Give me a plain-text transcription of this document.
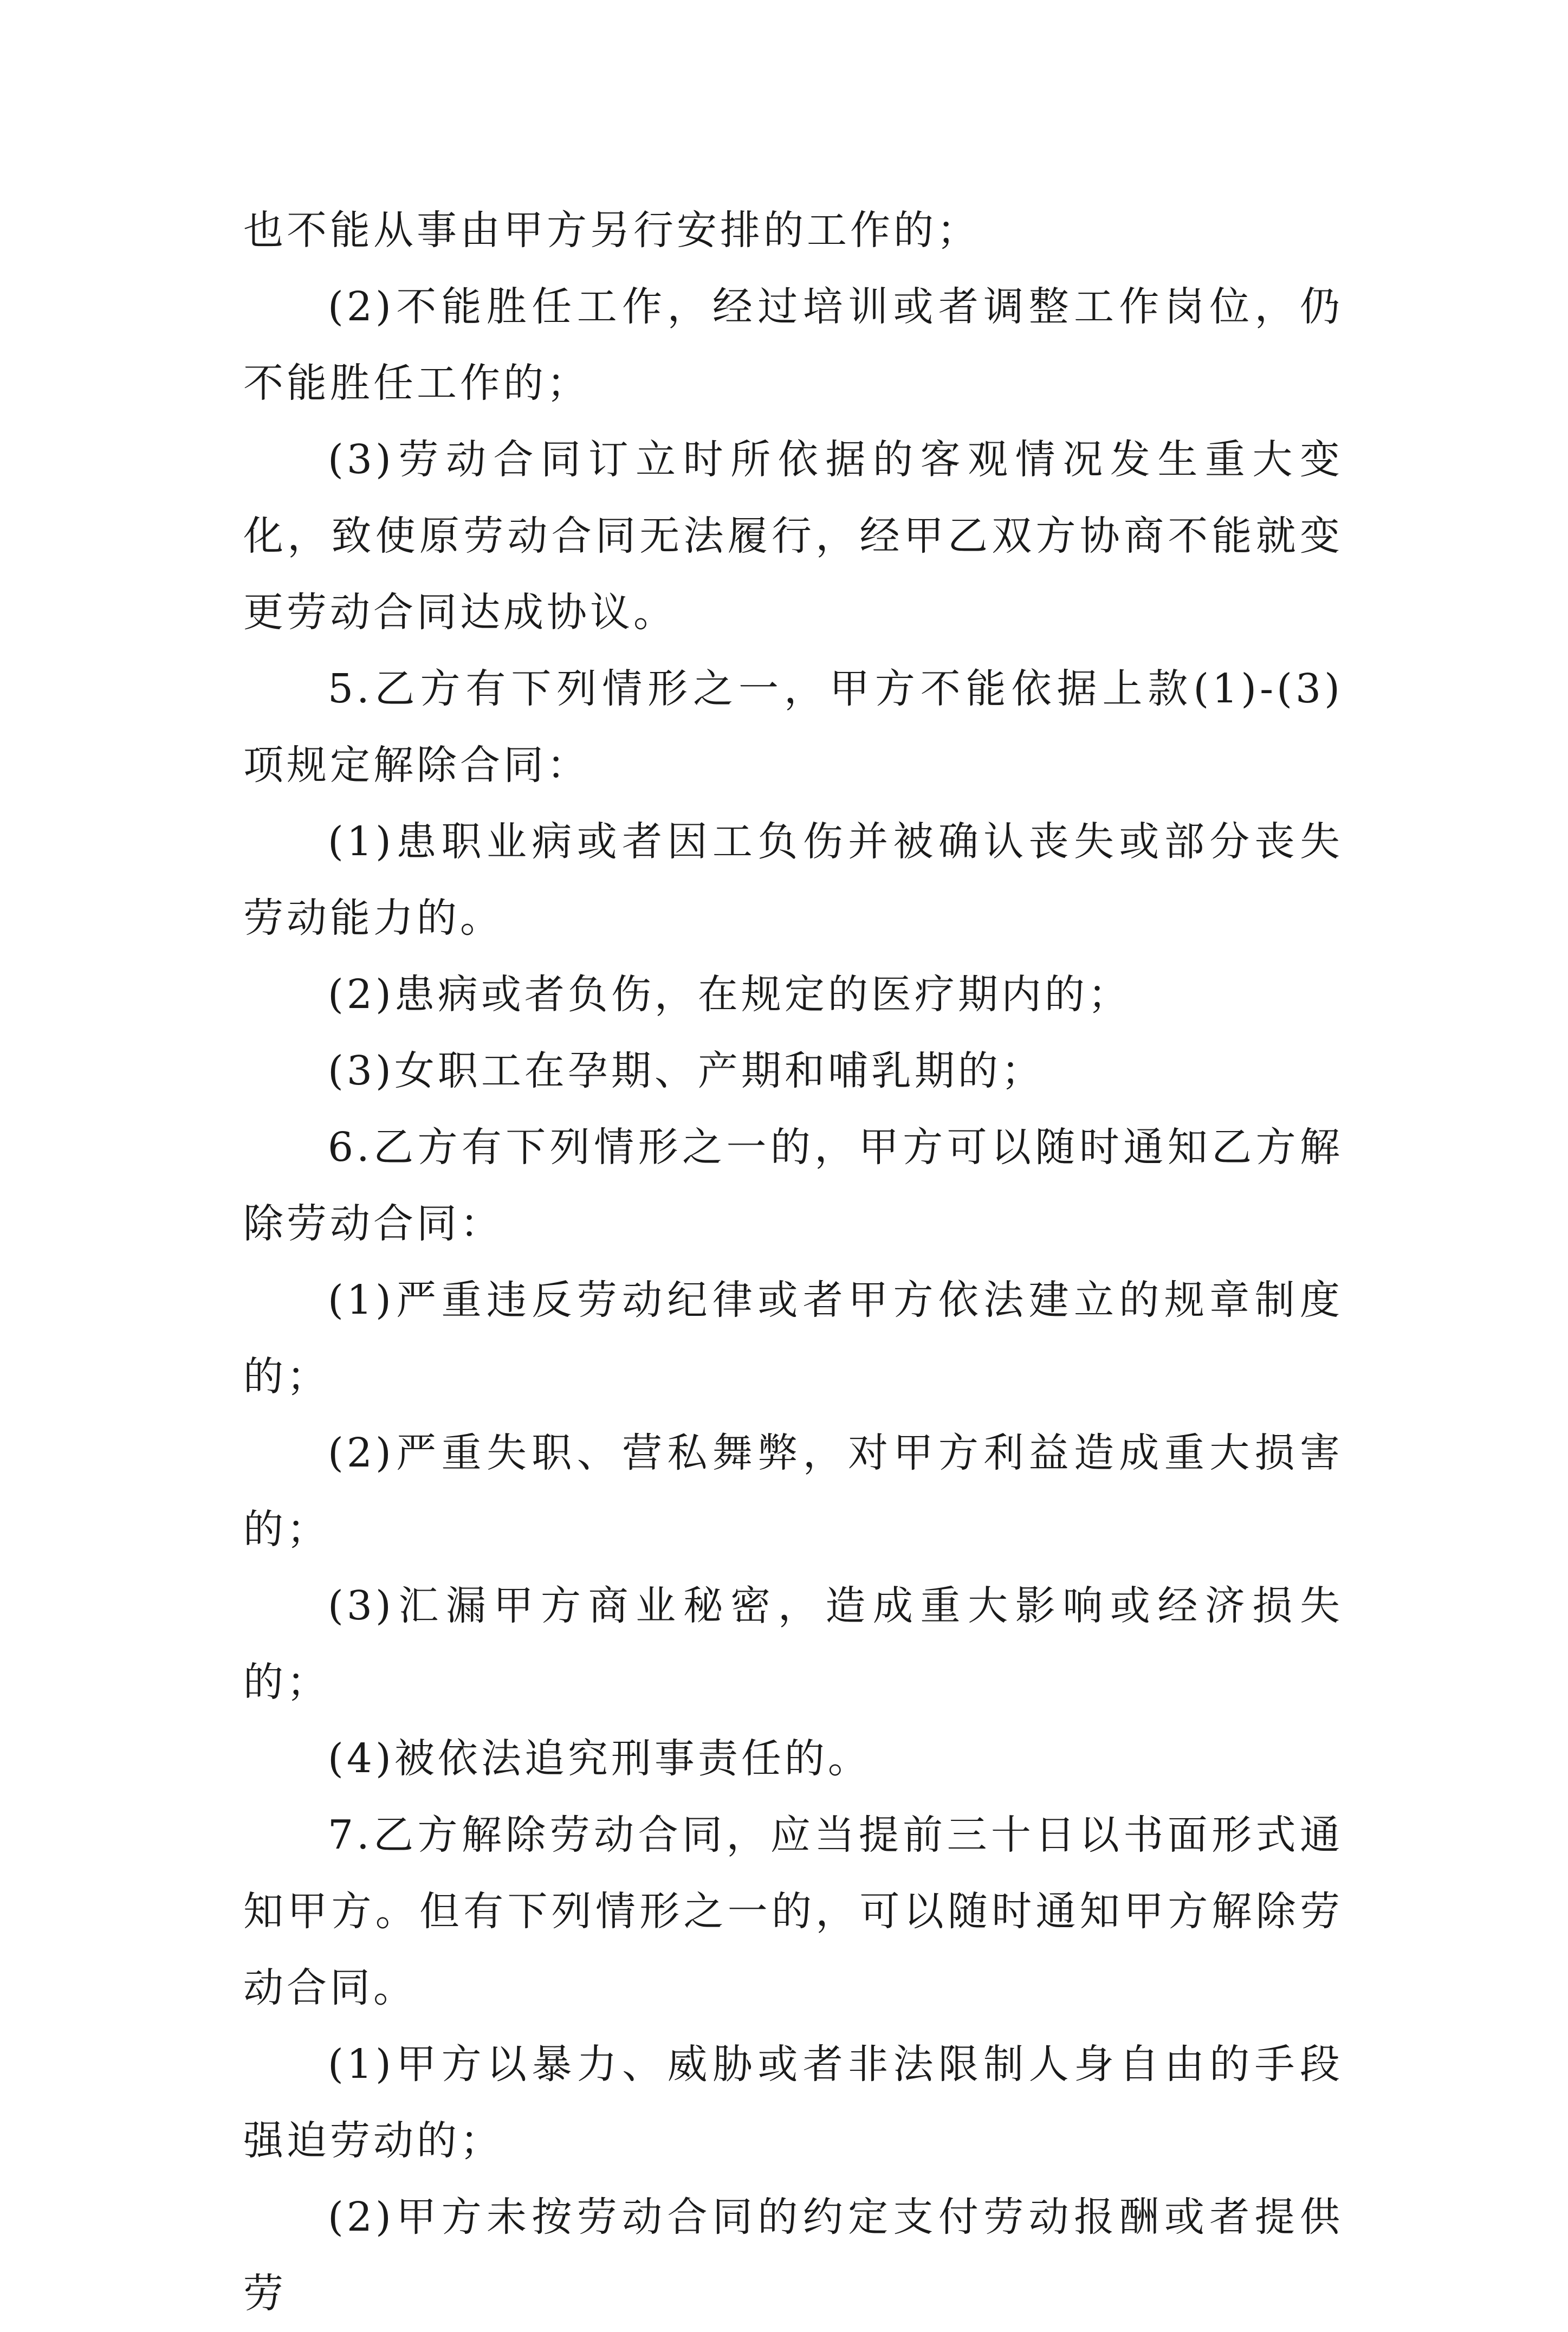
也不能从事由甲方另行安排的工作的；

(2)不能胜任工作，经过培训或者调整工作岗位，仍不能胜任工作的；

(3)劳动合同订立时所依据的客观情况发生重大变化，致使原劳动合同无法履行，经甲乙双方协商不能就变更劳动合同达成协议。

5.乙方有下列情形之一，甲方不能依据上款(1)-(3)项规定解除合同：

(1)患职业病或者因工负伤并被确认丧失或部分丧失劳动能力的。

(2)患病或者负伤，在规定的医疗期内的；

(3)女职工在孕期、产期和哺乳期的；

6.乙方有下列情形之一的，甲方可以随时通知乙方解除劳动合同：

(1)严重违反劳动纪律或者甲方依法建立的规章制度的；

(2)严重失职、营私舞弊，对甲方利益造成重大损害的；

(3)汇漏甲方商业秘密，造成重大影响或经济损失的；

(4)被依法追究刑事责任的。

7.乙方解除劳动合同，应当提前三十日以书面形式通知甲方。但有下列情形之一的，可以随时通知甲方解除劳动合同。

(1)甲方以暴力、威胁或者非法限制人身自由的手段强迫劳动的；

(2)甲方未按劳动合同的约定支付劳动报酬或者提供劳
